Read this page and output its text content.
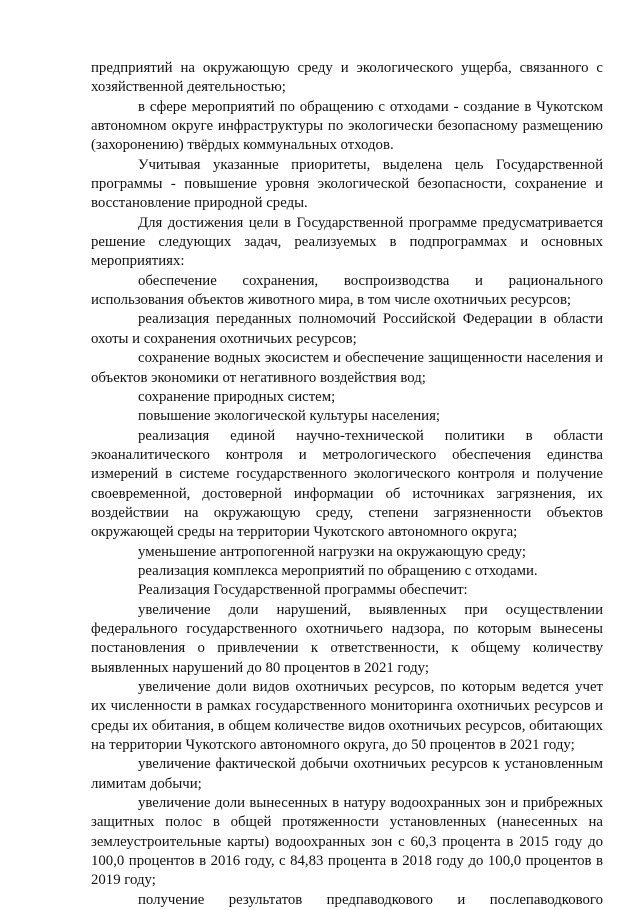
предприятий на окружающую среду и экологического ущерба, связанного с хозяйственной деятельностью;

в сфере мероприятий по обращению с отходами - создание в Чукотском автономном округе инфраструктуры по экологически безопасному размещению (захоронению) твёрдых коммунальных отходов.

Учитывая указанные приоритеты, выделена цель Государственной программы - повышение уровня экологической безопасности, сохранение и восстановление природной среды.

Для достижения цели в Государственной программе предусматривается решение следующих задач, реализуемых в подпрограммах и основных мероприятиях:

обеспечение сохранения, воспроизводства и рационального использования объектов животного мира, в том числе охотничьих ресурсов;

реализация переданных полномочий Российской Федерации в области охоты и сохранения охотничьих ресурсов;

сохранение водных экосистем и обеспечение защищенности населения и объектов экономики от негативного воздействия вод;

сохранение природных систем;

повышение экологической культуры населения;

реализация единой научно-технической политики в области экоаналитического контроля и метрологического обеспечения единства измерений в системе государственного экологического контроля и получение своевременной, достоверной информации об источниках загрязнения, их воздействии на окружающую среду, степени загрязненности объектов окружающей среды на территории Чукотского автономного округа;

уменьшение антропогенной нагрузки на окружающую среду;

реализация комплекса мероприятий по обращению с отходами.

Реализация Государственной программы обеспечит:

увеличение доли нарушений, выявленных при осуществлении федерального государственного охотничьего надзора, по которым вынесены постановления о привлечении к ответственности, к общему количеству выявленных нарушений до 80 процентов в 2021 году;

увеличение доли видов охотничьих ресурсов, по которым ведется учет их численности в рамках государственного мониторинга охотничьих ресурсов и среды их обитания, в общем количестве видов охотничьих ресурсов, обитающих на территории Чукотского автономного округа, до 50 процентов в 2021 году;

увеличение фактической добычи охотничьих ресурсов к установленным лимитам добычи;

увеличение доли вынесенных в натуру водоохранных зон и прибрежных защитных полос в общей протяженности установленных (нанесенных на землеустроительные карты) водоохранных зон с 60,3 процента в 2015 году до 100,0 процентов в 2016 году, с 84,83 процента в 2018 году до 100,0 процентов в 2019 году;

получение результатов предпаводкового и послепаводкового
